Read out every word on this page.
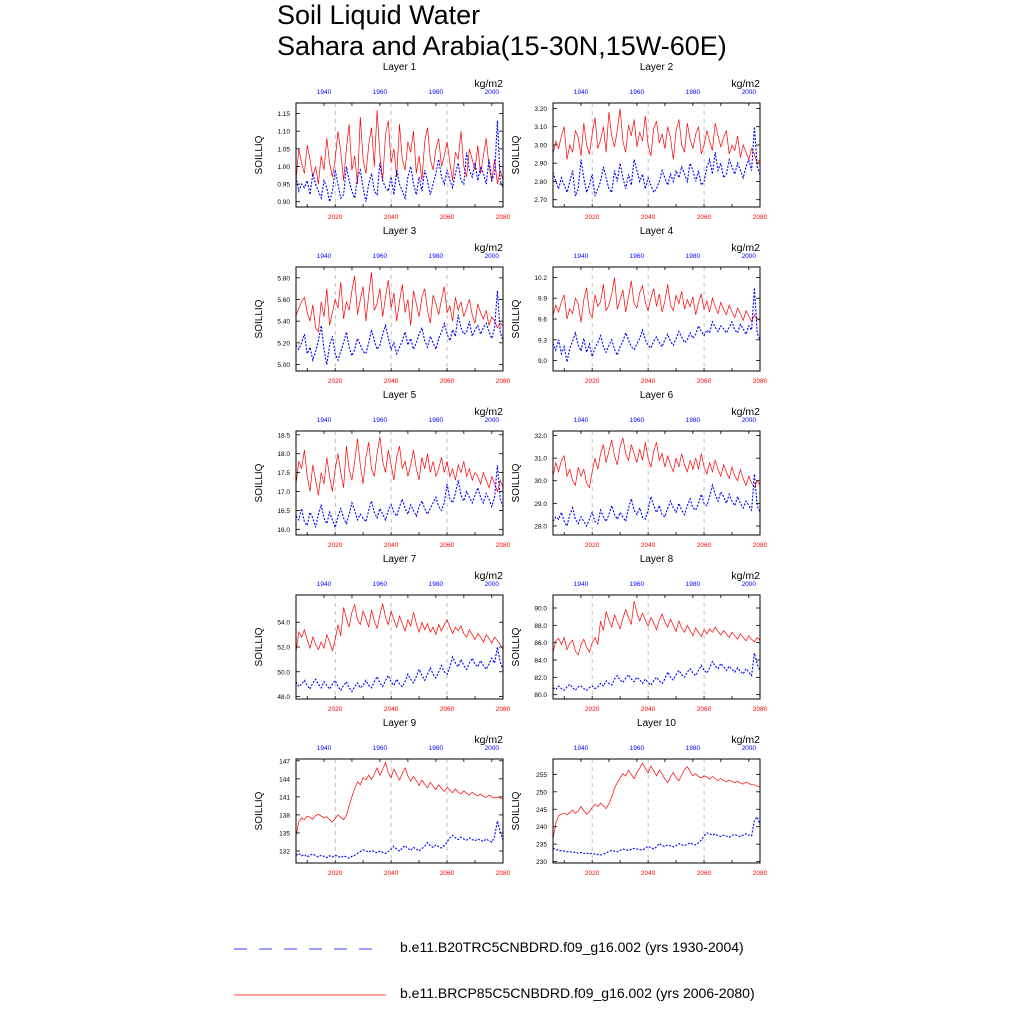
Soil Liquid Water
Sahara and Arabia(15-30N,15W-60E)
Layer 1
kg/m2
0.90
0.95
1.00
1.05
1.10
1.15
2020	2040	2060	2080
1940	1960	1980	2000
SOILLIQ
Layer 2
kg/m2
2.70
2.80
2.90
3.00
3.10
3.20
2020	2040	2060	2080
1940	1960	1980	2000
SOILLIQ
Layer 3
kg/m2
5.00
5.20
5.40
5.60
5.80
2020	2040	2060	2080
1940	1960	1980	2000
SOILLIQ
Layer 4
kg/m2
9.0
9.3
9.6
9.9
10.2
2020	2040	2060	2080
1940	1960	1980	2000
SOILLIQ
Layer 5
kg/m2
16.0
16.5
17.0
17.5
18.0
18.5
2020	2040	2060	2080
1940	1960	1980	2000
SOILLIQ
Layer 6
kg/m2
28.0
29.0
30.0
31.0
32.0
2020	2040	2060	2080
1940	1960	1980	2000
SOILLIQ
Layer 7
kg/m2
48.0
50.0
52.0
54.0
2020	2040	2060	2080
1940	1960	1980	2000
SOILLIQ
Layer 8
kg/m2
80.0
82.0
84.0
86.0
88.0
90.0
2020	2040	2060	2080
1940	1960	1980	2000
SOILLIQ
Layer 9
kg/m2
132
135
138
141
144
147
2020	2040	2060	2080
1940	1960	1980	2000
SOILLIQ
Layer 10
kg/m2
230
235
240
245
250
255
2020	2040	2060	2080
1940	1960	1980	2000
SOILLIQ
b.e11.B20TRC5CNBDRD.f09_g16.002 (yrs 1930-2004)
b.e11.BRCP85C5CNBDRD.f09_g16.002 (yrs 2006-2080)
